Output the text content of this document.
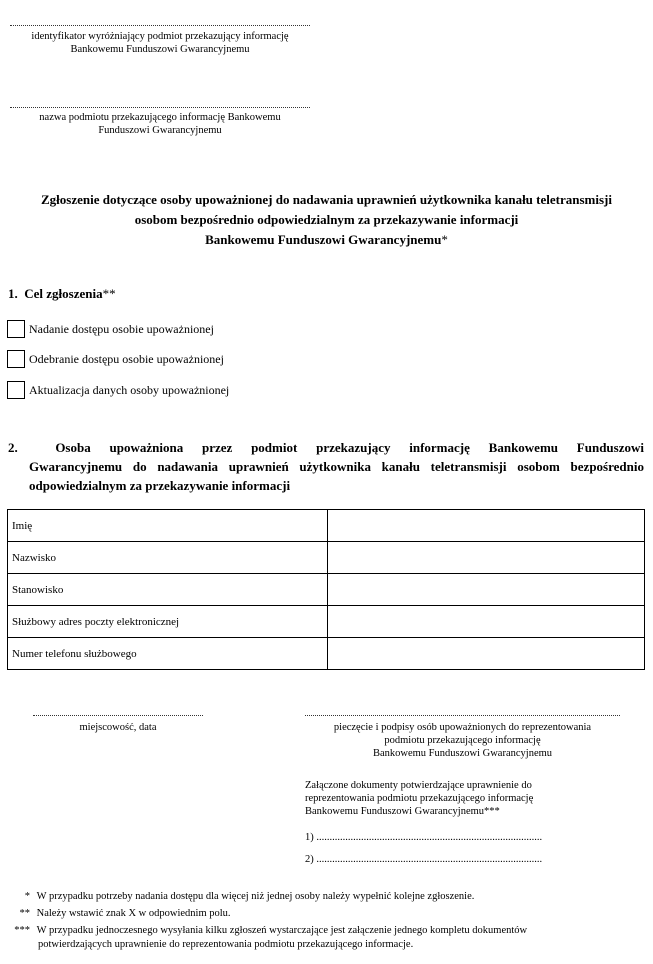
identyfikator wyróżniający podmiot przekazujący informację
Bankowemu Funduszowi Gwarancyjnemu
nazwa podmiotu przekazującego informację Bankowemu
Funduszowi Gwarancyjnemu
Zgłoszenie dotyczące osoby upoważnionej do nadawania uprawnień użytkownika kanału teletransmisji
osobom bezpośrednio odpowiedzialnym za przekazywanie informacji
Bankowemu Funduszowi Gwarancyjnemu*
1.  Cel zgłoszenia**
Nadanie dostępu osobie upoważnionej
Odebranie dostępu osobie upoważnionej
Aktualizacja danych osoby upoważnionej
2.  Osoba upoważniona przez podmiot przekazujący informację Bankowemu Funduszowi
Gwarancyjnemu do nadawania uprawnień użytkownika kanału teletransmisji osobom bezpośrednio
odpowiedzialnym za przekazywanie informacji
Imię	
Nazwisko	
Stanowisko	
Służbowy adres poczty elektronicznej	
Numer telefonu służbowego	
miejscowość, data	pieczęcie i podpisy osób upoważnionych do reprezentowania
podmiotu przekazującego informację
Bankowemu Funduszowi Gwarancyjnemu
Załączone dokumenty potwierdzające uprawnienie do
reprezentowania podmiotu przekazującego informację
Bankowemu Funduszowi Gwarancyjnemu***
1) ......................................................................................
2) ......................................................................................
* W przypadku potrzeby nadania dostępu dla więcej niż jednej osoby należy wypełnić kolejne zgłoszenie.
** Należy wstawić znak X w odpowiednim polu.
*** W przypadku jednoczesnego wysyłania kilku zgłoszeń wystarczające jest załączenie jednego kompletu dokumentów
potwierdzających uprawnienie do reprezentowania podmiotu przekazującego informacje.
